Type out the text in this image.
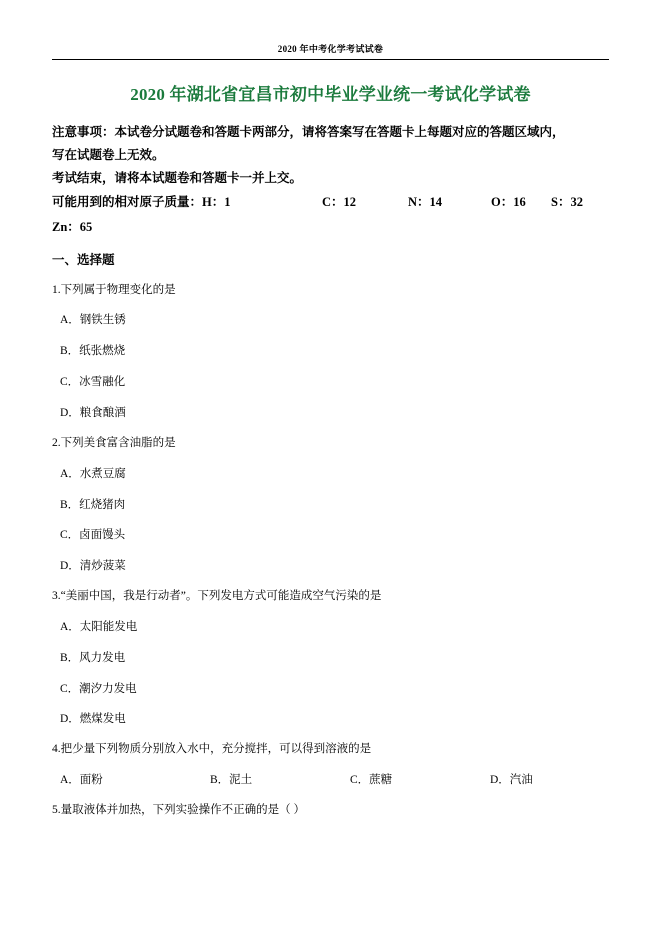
2020 年中考化学考试试卷
2020 年湖北省宜昌市初中毕业学业统一考试化学试卷
注意事项：本试卷分试题卷和答题卡两部分，请将答案写在答题卡上每题对应的答题区域内，
写在试题卷上无效。
考试结束，请将本试题卷和答题卡一并上交。
可能用到的相对原子质量： H：1	C：12	N：14	O：16	S：32
Zn：65
一、选择题
1.下列属于物理变化的是
A．钢铁生锈
B．纸张燃烧
C．冰雪融化
D．粮食酿酒
2.下列美食富含油脂的是
A．水煮豆腐
B．红烧猪肉
C．卤面馒头
D．清炒菠菜
3.“美丽中国，我是行动者”。下列发电方式可能造成空气污染的是
A．太阳能发电
B．风力发电
C．潮汐力发电
D．燃煤发电
4.把少量下列物质分别放入水中，充分搅拌，可以得到溶液的是
A．面粉	B．泥土	C．蔗糖	D．汽油
5.量取液体并加热，下列实验操作不正确的是（ ）
